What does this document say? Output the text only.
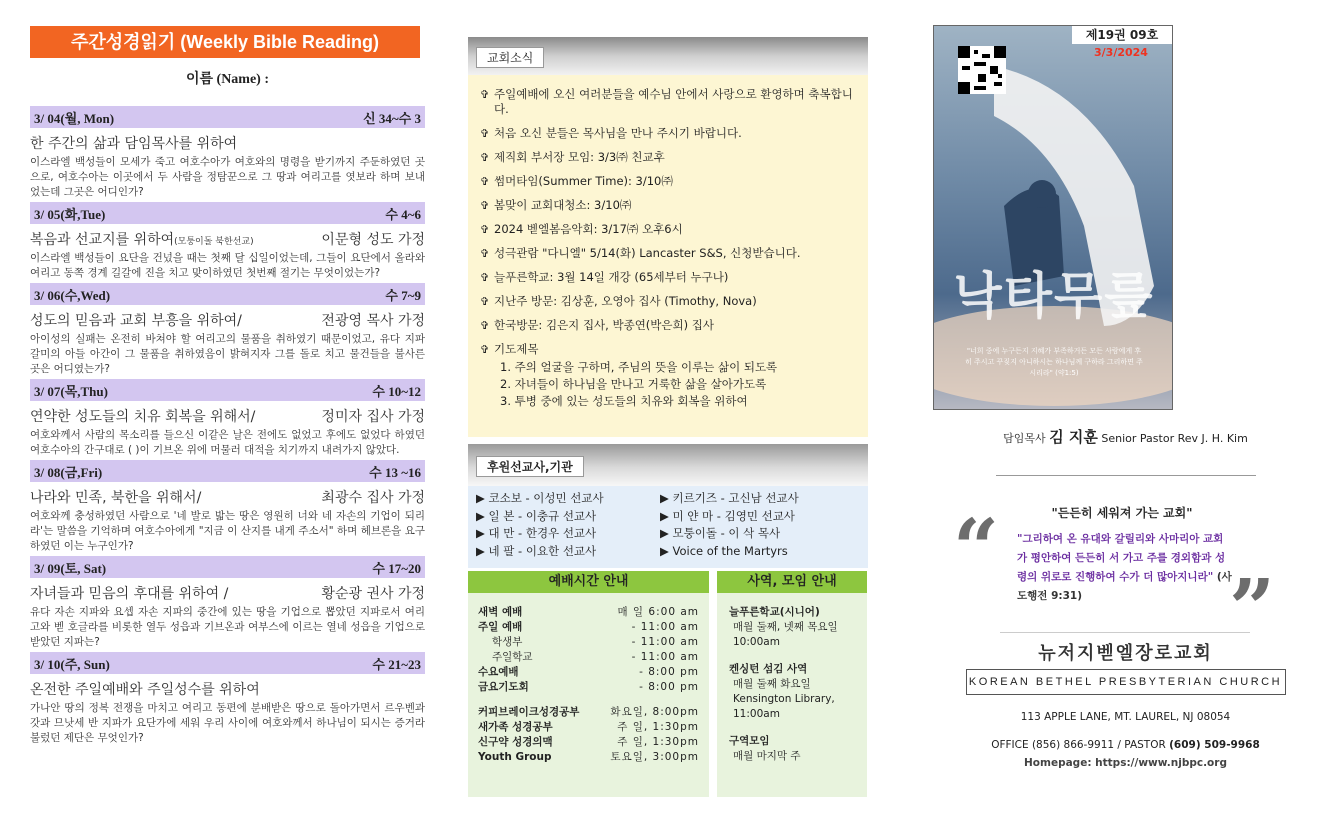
주간성경읽기 (Weekly Bible Reading)
이름 (Name) :
3/ 04(월, Mon)	신 34~수 3
한 주간의 삶과 담임목사를 위하여
이스라엘 백성들이 모세가 죽고 여호수아가 여호와의 명령을 받기까지 주둔하였던 곳으로, 여호수아는 이곳에서 두 사람을 정탐꾼으로 그 땅과 여리고를 엿보라 하며 보내었는데 그곳은 어디인가?
3/ 05(화,Tue)	수 4~6
복음과 선교지를 위하여(모퉁이돌 북한선교)	이문형 성도 가정
이스라엘 백성들이 요단을 건넜을 때는 첫째 달 십일이었는데, 그들이 요단에서 올라와 여리고 동쪽 경계 길갈에 진을 치고 맞이하였던 첫번째 절기는 무엇이었는가?
3/ 06(수,Wed)	수 7~9
성도의 믿음과 교회 부흥을 위하여/	전광영 목사 가정
아이성의 실패는 온전히 바쳐야 할 여리고의 물품을 취하였기 때문이었고, 유다 지파 갈미의 아들 아간이 그 물품을 취하였음이 밝혀지자 그를 돌로 치고 물건들을 불사른 곳은 어디였는가?
3/ 07(목,Thu)	수 10~12
연약한 성도들의 치유 회복을 위해서/	정미자 집사 가정
여호와께서 사람의 목소리를 들으신 이같은 날은 전에도 없었고 후에도 없었다 하였던 여호수아의 간구대로 ( )이 기브온 위에 머물러 대적을 치기까지 내려가지 않았다.
3/ 08(금,Fri)	수 13 ~16
나라와 민족, 북한을 위해서/	최광수 집사 가정
여호와께 충성하였던 사람으로 '네 발로 밟는 땅은 영원히 너와 네 자손의 기업이 되리라'는 말씀을 기억하며 여호수아에게 "지금 이 산지를 내게 주소서" 하며 헤브론을 요구하였던 이는 누구인가?
3/ 09(토, Sat)	수 17~20
자녀들과 믿음의 후대를 위하여 /	황순광 권사 가정
유다 자손 지파와 요셉 자손 지파의 중간에 있는 땅을 기업으로 뽑았던 지파로서 여리고와 벧 호글라를 비롯한 열두 성읍과 기브온과 여부스에 이르는 열네 성읍을 기업으로 받았던 지파는?
3/ 10(주, Sun)	수 21~23
온전한 주일예배와 주일성수를 위하여
가나안 땅의 정복 전쟁을 마치고 여리고 동편에 분배받은 땅으로 돌아가면서 르우벤과 갓과 므낫세 반 지파가 요단가에 세워 우리 사이에 여호와께서 하나님이 되시는 증거라 불렀던 제단은 무엇인가?
교회소식
✞ 주일예배에 오신 여러분들을 예수님 안에서 사랑으로 환영하며 축복합니다.
✞ 처음 오신 분들은 목사님을 만나 주시기 바랍니다.
✞ 제직회 부서장 모임: 3/3㈜ 친교후
✞ 썸머타임(Summer Time): 3/10㈜
✞ 봄맞이 교회대청소: 3/10㈜
✞ 2024 벧엘봄음악회: 3/17㈜ 오후6시
✞ 성극관람 "다니엘" 5/14(화) Lancaster S&S, 신청받습니다.
✞ 늘푸른학교: 3월 14일 개강 (65세부터 누구나)
✞ 지난주 방문: 김상훈, 오영아 집사 (Timothy, Nova)
✞ 한국방문: 김은지 집사, 박종연(박은희) 집사
✞ 기도제목
1. 주의 얼굴을 구하며, 주님의 뜻을 이루는 삶이 되도록
2. 자녀들이 하나님을 만나고 거룩한 삶을 살아가도록
3. 투병 중에 있는 성도들의 치유와 회복을 위하여
후원선교사,기관
▶ 코소보 - 이성민 선교사
▶ 일 본 - 이충규 선교사
▶ 대 만 - 한경우 선교사
▶ 네 팔 - 이요한 선교사
▶ 키르기즈 - 고신남 선교사
▶ 미 얀 마 - 김영민 선교사
▶ 모퉁이돌 - 이 삭 목사
▶ Voice of the Martyrs
예배시간 안내
새벽 예배	매 일 6:00 am
주일 예배	- 11:00 am
학생부	- 11:00 am
주일학교	- 11:00 am
수요예배	- 8:00 pm
금요기도회	- 8:00 pm
커피브레이크성경공부	화요일, 8:00pm
새가족 성경공부	주 일, 1:30pm
신구약 성경의맥	주 일, 1:30pm
Youth Group	토요일, 3:00pm
사역, 모임 안내
늘푸른학교(시니어)
매월 둘째, 넷째 목요일 10:00am
켄싱턴 섬김 사역
매월 둘째 화요일 Kensington Library, 11:00am
구역모임
매월 마지막 주
제19권 09호
3/3/2024
낙타무릎
"너희 중에 누구든지 지혜가 부족하거든 모든 사람에게 후히 주시고 꾸짖지 아니하시는 하나님께 구하라 그리하면 주시리라" (약1:5)
담임목사 김 지훈 Senior Pastor Rev J. H. Kim
“	"든든히 세워져 가는 교회"
"그리하여 온 유대와 갈릴리와 사마리아 교회가 평안하여 든든히 서 가고 주를 경외함과 성령의 위로로 진행하여 수가 더 많아지니라" (사도행전 9:31)	”
뉴저지벧엘장로교회
KOREAN BETHEL PRESBYTERIAN CHURCH
113 APPLE LANE, MT. LAUREL, NJ 08054
OFFICE (856) 866-9911 / PASTOR (609) 509-9968
Homepage: https://www.njbpc.org
